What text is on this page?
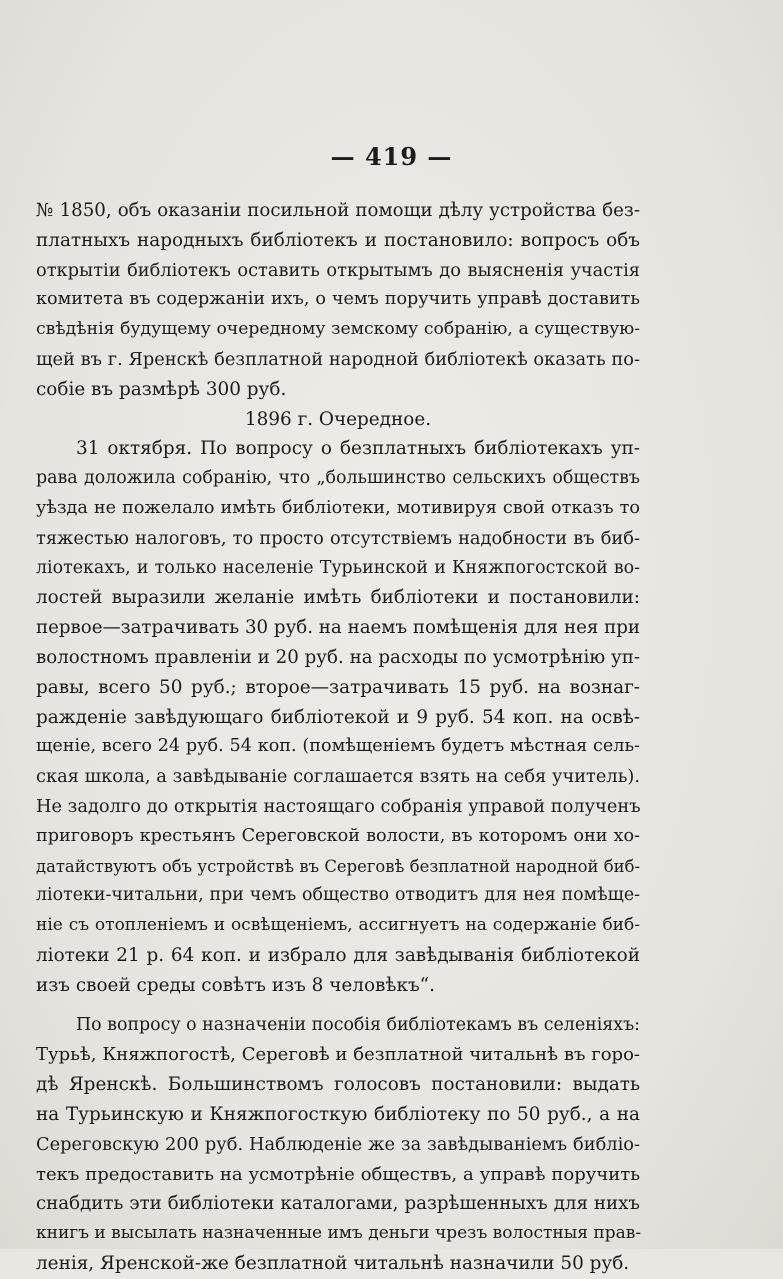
— 419 —
№ 1850, объ оказаніи посильной помощи дѣлу устройства без-
платныхъ народныхъ библіотекъ и постановило: вопросъ объ
открытіи библіотекъ оставить открытымъ до выясненія участія
комитета въ содержаніи ихъ, о чемъ поручить управѣ доставить
свѣдѣнія будущему очередному земскому собранію, а существую-
щей въ г. Яренскѣ безплатной народной библіотекѣ оказать по-
собіе въ размѣрѣ 300 руб.
1896 г. Очередное.
31 октября. По вопросу о безплатныхъ библіотекахъ уп-
рава доложила собранію, что „большинство сельскихъ обществъ
уѣзда не пожелало имѣть библіотеки, мотивируя свой отказъ то
тяжестью налоговъ, то просто отсутствіемъ надобности въ биб-
ліотекахъ, и только населеніе Турьинской и Княжпогостской во-
лостей выразили желаніе имѣть библіотеки и постановили:
первое—затрачивать 30 руб. на наемъ помѣщенія для нея при
волостномъ правленіи и 20 руб. на расходы по усмотрѣнію уп-
равы, всего 50 руб.; второе—затрачивать 15 руб. на вознаг-
ражденіе завѣдующаго библіотекой и 9 руб. 54 коп. на освѣ-
щеніе, всего 24 руб. 54 коп. (помѣщеніемъ будетъ мѣстная сель-
ская школа, а завѣдываніе соглашается взять на себя учитель).
Не задолго до открытія настоящаго собранія управой полученъ
приговоръ крестьянъ Сереговской волости, въ которомъ они хо-
датайствуютъ объ устройствѣ въ Сереговѣ безплатной народной биб-
ліотеки-читальни, при чемъ общество отводитъ для нея помѣще-
ніе съ отопленіемъ и освѣщеніемъ, ассигнуетъ на содержаніе биб-
ліотеки 21 р. 64 коп. и избрало для завѣдыванія библіотекой
изъ своей среды совѣтъ изъ 8 человѣкъ“.
По вопросу о назначеніи пособія библіотекамъ въ селеніяхъ:
Турьѣ, Княжпогостѣ, Сереговѣ и безплатной читальнѣ въ горо-
дѣ Яренскѣ. Большинствомъ голосовъ постановили: выдать
на Турьинскую и Княжпогосткую библіотеку по 50 руб., а на
Сереговскую 200 руб. Наблюденіе же за завѣдываніемъ библіо-
текъ предоставить на усмотрѣніе обществъ, а управѣ поручить
снабдить эти библіотеки каталогами, разрѣшенныхъ для нихъ
книгъ и высылать назначенные имъ деньги чрезъ волостныя прав-
ленія, Яренской-же безплатной читальнѣ назначили 50 руб.
